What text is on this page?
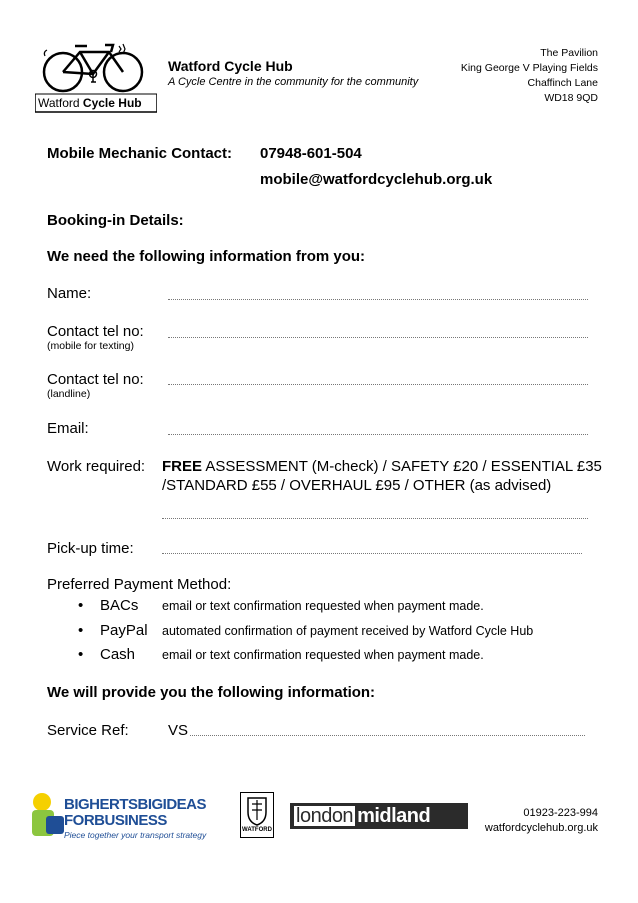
Watford Cycle Hub
Watford Cycle Hub
A Cycle Centre in the community for the community
The Pavilion
King George V Playing Fields
Chaffinch Lane
WD18 9QD
Mobile Mechanic Contact: 07948-601-504
mobile@watfordcyclehub.org.uk
Booking-in Details:
We need the following information from you:
Name:
Contact tel no:
(mobile for texting)
Contact tel no:
(landline)
Email:
Work required: FREE ASSESSMENT (M-check) / SAFETY £20 / ESSENTIAL £35
/STANDARD £55 / OVERHAUL £95 / OTHER (as advised)
Pick-up time:
Preferred Payment Method:
• BACs email or text confirmation requested when payment made.
• PayPal automated confirmation of payment received by Watford Cycle Hub
• Cash email or text confirmation requested when payment made.
We will provide you the following information:
Service Ref:	VS
BIGHERTSBIGIDEAS
FORBUSINESS
Piece together your transport strategy	WATFORD
london midland	01923-223-994
watfordcyclehub.org.uk
